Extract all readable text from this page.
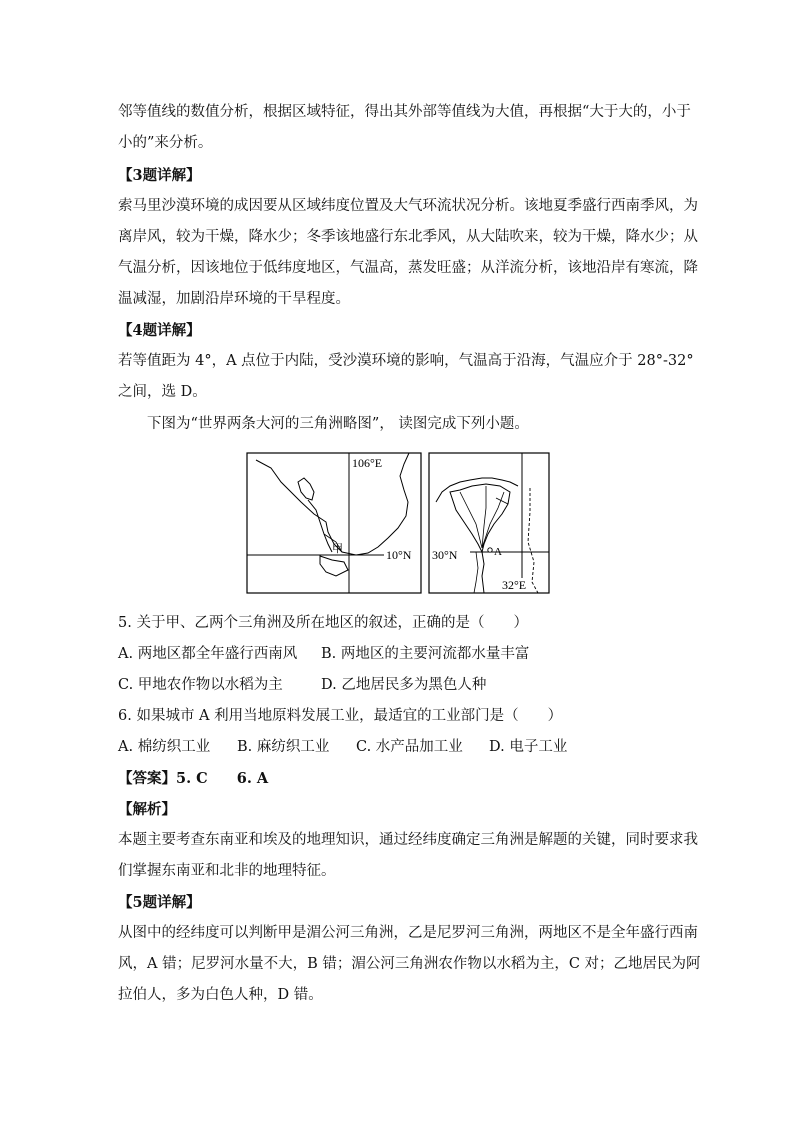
邻等值线的数值分析，根据区域特征，得出其外部等值线为大值，再根据“大于大的，小于
小的”来分析。
【3题详解】
索马里沙漠环境的成因要从区域纬度位置及大气环流状况分析。该地夏季盛行西南季风，为
离岸风，较为干燥，降水少；冬季该地盛行东北季风，从大陆吹来，较为干燥，降水少；从
气温分析，因该地位于低纬度地区，气温高，蒸发旺盛；从洋流分析，该地沿岸有寒流，降
温减湿，加剧沿岸环境的干旱程度。
【4题详解】
若等值距为 4°，A 点位于内陆，受沙漠环境的影响，气温高于沿海，气温应介于 28°-32°
之间，选 D。
下图为“世界两条大河的三角洲略图”， 读图完成下列小题。
106°E
10°N
甲	A
30°N
32°E
5. 关于甲、乙两个三角洲及所在地区的叙述，正确的是（　　）
A. 两地区都全年盛行西南风 B. 两地区的主要河流都水量丰富
C. 甲地农作物以水稻为主	D. 乙地居民多为黑色人种
6. 如果城市 A 利用当地原料发展工业，最适宜的工业部门是（　　）
A. 棉纺织工业 B. 麻纺织工业 C. 水产品加工业 D. 电子工业
【答案】5. C　　6. A
【解析】
本题主要考查东南亚和埃及的地理知识，通过经纬度确定三角洲是解题的关键，同时要求我
们掌握东南亚和北非的地理特征。
【5题详解】
从图中的经纬度可以判断甲是湄公河三角洲，乙是尼罗河三角洲，两地区不是全年盛行西南
风，A 错；尼罗河水量不大，B 错；湄公河三角洲农作物以水稻为主，C 对；乙地居民为阿
拉伯人，多为白色人种，D 错。
